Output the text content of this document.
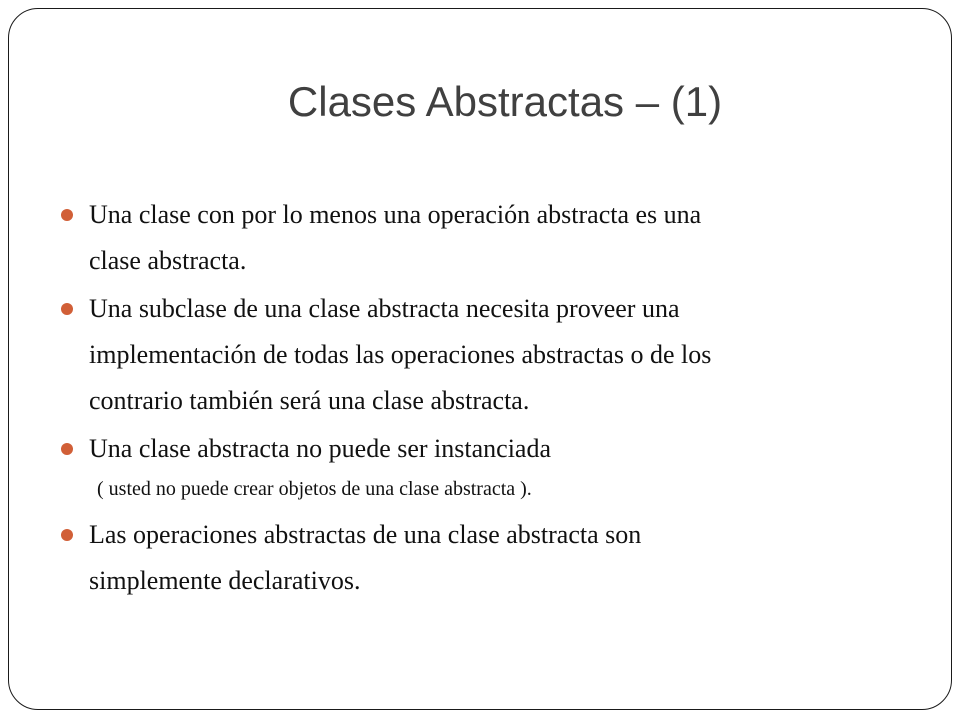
Clases Abstractas – (1)
Una clase con por lo menos una operación abstracta es una
clase abstracta.
Una subclase de una clase abstracta necesita proveer una
implementación de todas las operaciones abstractas o de los
contrario también será una clase abstracta.
Una clase abstracta no puede ser instanciada
( usted no puede crear objetos de una clase abstracta ).
Las operaciones abstractas de una clase abstracta son
simplemente declarativos.
